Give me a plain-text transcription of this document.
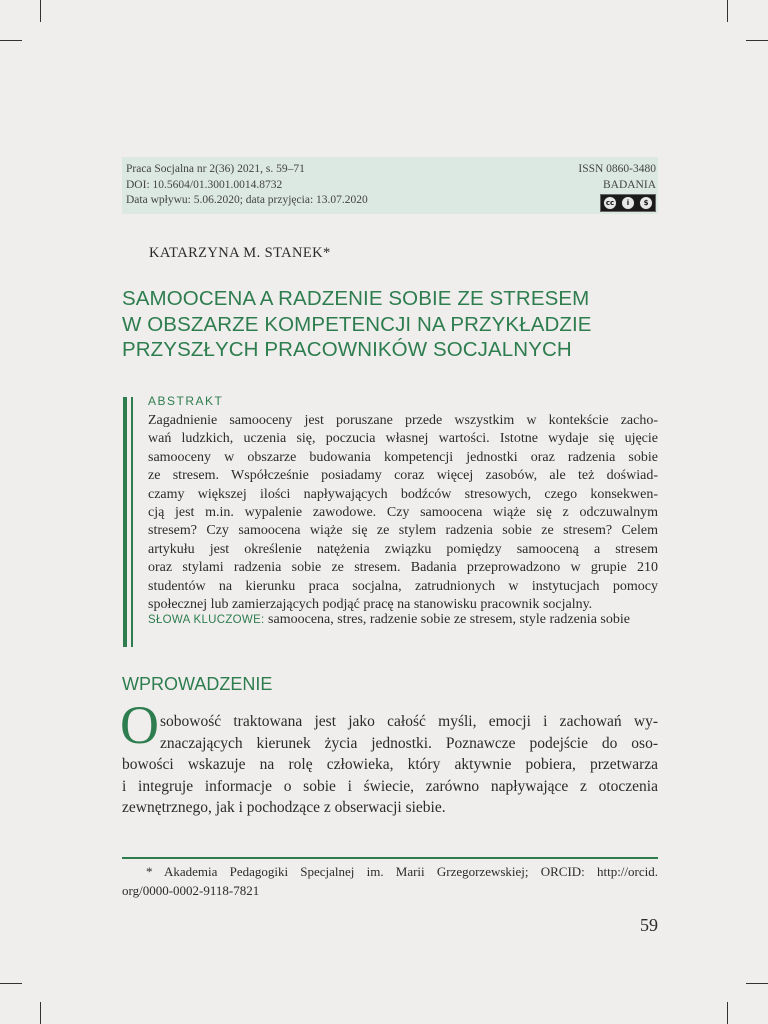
Praca Socjalna nr 2(36) 2021, s. 59–71
DOI: 10.5604/01.3001.0014.8732
Data wpływu: 5.06.2020; data przyjęcia: 13.07.2020
ISSN 0860-3480
BADANIA
cc	i	$
KATARZYNA M. STANEK*
SAMOOCENA A RADZENIE SOBIE ZE STRESEM
W OBSZARZE KOMPETENCJI NA PRZYKŁADZIE
PRZYSZŁYCH PRACOWNIKÓW SOCJALNYCH
ABSTRAKT
Zagadnienie samooceny jest poruszane przede wszystkim w kontekście zacho-
wań ludzkich, uczenia się, poczucia własnej wartości. Istotne wydaje się ujęcie
samooceny w obszarze budowania kompetencji jednostki oraz radzenia sobie
ze stresem. Współcześnie posiadamy coraz więcej zasobów, ale też doświad-
czamy większej ilości napływających bodźców stresowych, czego konsekwen-
cją jest m.in. wypalenie zawodowe. Czy samoocena wiąże się z odczuwalnym
stresem? Czy samoocena wiąże się ze stylem radzenia sobie ze stresem? Celem
artykułu jest określenie natężenia związku pomiędzy samooceną a stresem
oraz stylami radzenia sobie ze stresem. Badania przeprowadzono w grupie 210
studentów na kierunku praca socjalna, zatrudnionych w instytucjach pomocy
społecznej lub zamierzających podjąć pracę na stanowisku pracownik socjalny.
SŁOWA KLUCZOWE: samoocena, stres, radzenie sobie ze stresem, style radzenia sobie
WPROWADZENIE
O sobowość traktowana jest jako całość myśli, emocji i zachowań wy-
znaczających kierunek życia jednostki. Poznawcze podejście do oso-
bowości wskazuje na rolę człowieka, który aktywnie pobiera, przetwarza
i integruje informacje o sobie i świecie, zarówno napływające z otoczenia
zewnętrznego, jak i pochodzące z obserwacji siebie.
* Akademia Pedagogiki Specjalnej im. Marii Grzegorzewskiej; ORCID: http://orcid.
org/0000-0002-9118-7821
59
